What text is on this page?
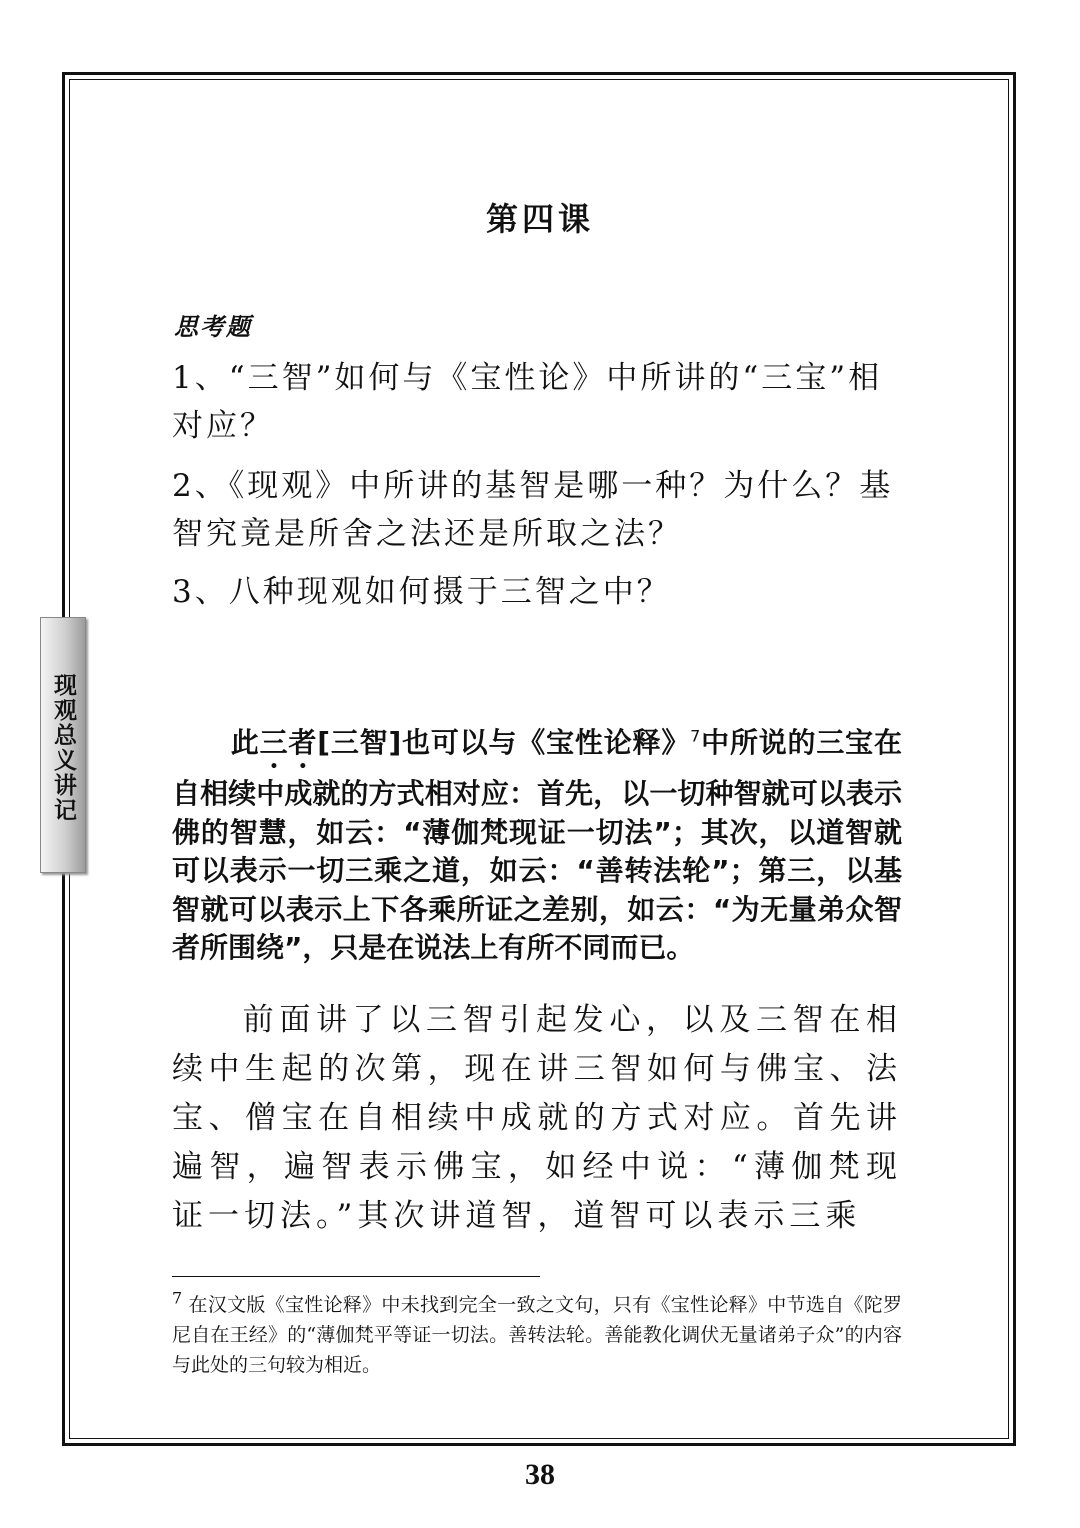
现观总义讲记
第四课
思考题
1、“三智”如何与《宝性论》中所讲的“三宝”相对应？
2、《现观》中所讲的基智是哪一种？为什么？基智究竟是所舍之法还是所取之法？
3、八种现观如何摄于三智之中？
此三者[三智]也可以与《宝性论释》$^7$中所说的三宝在自相续中成就的方式相对应：首先，以一切种智就可以表示佛的智慧，如云：“薄伽梵现证一切法”；其次，以道智就可以表示一切三乘之道，如云：“善转法轮”；第三，以基智就可以表示上下各乘所证之差别，如云：“为无量弟众智者所围绕”，只是在说法上有所不同而已。
前面讲了以三智引起发心，以及三智在相续中生起的次第，现在讲三智如何与佛宝、法宝、僧宝在自相续中成就的方式对应。首先讲遍智，遍智表示佛宝，如经中说：“薄伽梵现证一切法。”其次讲道智，道智可以表示三乘
$^7$ 在汉文版《宝性论释》中未找到完全一致之文句，只有《宝性论释》中节选自《陀罗尼自在王经》的“薄伽梵平等证一切法。善转法轮。善能教化调伏无量诸弟子众”的内容与此处的三句较为相近。
38
